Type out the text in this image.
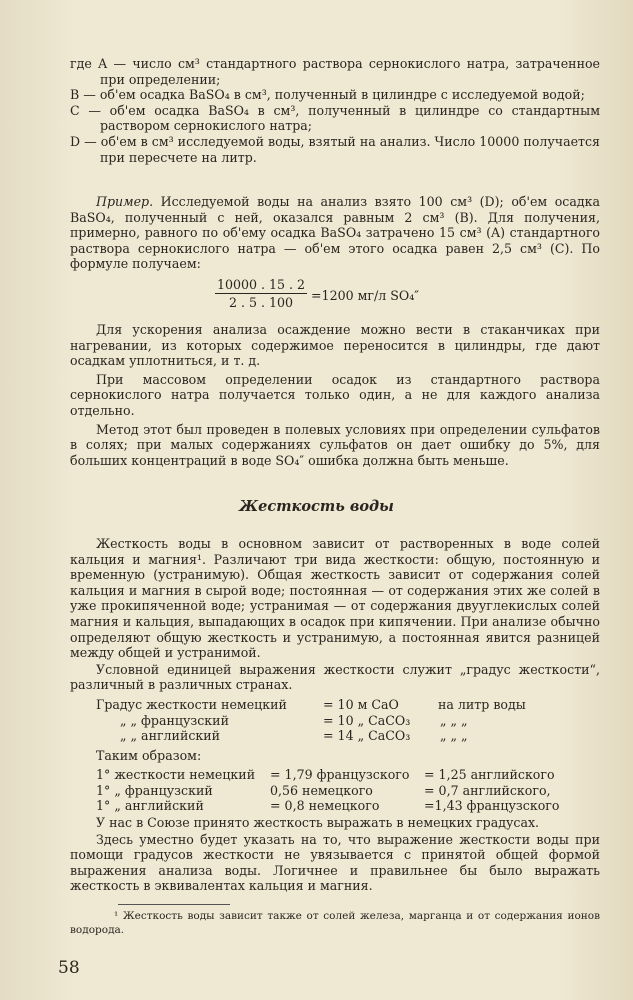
где A — число см³ стандартного раствора сернокислого натра, затраченное при определении;
B — об'ем осадка BaSO₄ в см³, полученный в цилиндре с исследуемой водой;
C — об'ем осадка BaSO₄ в см³, полученный в цилиндре со стандартным раствором сернокислого натра;
D — об'ем в см³ исследуемой воды, взятый на анализ. Число 10000 получается при пересчете на литр.

Пример. Исследуемой воды на анализ взято 100 см³ (D); об'ем осадка BaSO₄, полученный с ней, оказался равным 2 см³ (B). Для получения, примерно, равного по об'ему осадка BaSO₄ затрачено 15 см³ (A) стандартного раствора сернокислого натра — об'ем этого осадка равен 2,5 см³ (C). По формуле получаем:

$\frac{10000 . 15 . 2}{2 . 5 . 100} =1200$ мг/л SO₄″

Для ускорения анализа осаждение можно вести в стаканчиках при нагревании, из которых содержимое переносится в цилиндры, где дают осадкам уплотниться, и т. д.

При массовом определении осадок из стандартного раствора сернокислого натра получается только один, а не для каждого анализа отдельно.

Метод этот был проведен в полевых условиях при определении сульфатов в солях; при малых содержаниях сульфатов он дает ошибку до 5%, для больших концентраций в воде SO₄″ ошибка должна быть меньше.

Жесткость воды

Жесткость воды в основном зависит от растворенных в воде солей кальция и магния¹. Различают три вида жесткости: общую, постоянную и временную (устранимую). Общая жесткость зависит от содержания солей кальция и магния в сырой воде; постоянная — от содержания этих же солей в уже прокипяченной воде; устранимая — от содержания двууглекислых солей магния и кальция, выпадающих в осадок при кипячении. При анализе обычно определяют общую жесткость и устранимую, а постоянная явится разницей между общей и устранимой.

Условной единицей выражения жесткости служит „градус жесткости“, различный в различных странах.

Градус жесткости немецкий	= 10 м CaO	на литр воды
„ „ французский	= 10 „ CaCO₃ „ „ „
„ „ английский	= 14 „ CaCO₃ „ „ „

Таким образом:

1° жесткости немецкий = 1,79 французского = 1,25 английского
1° „ французский	0,56 немецкого	= 0,7 английского,
1° „ английский	= 0,8 немецкого	=1,43 французского

У нас в Союзе принято жесткость выражать в немецких градусах.

Здесь уместно будет указать на то, что выражение жесткости воды при помощи градусов жесткости не увязывается с принятой общей формой выражения анализа воды. Логичнее и правильнее бы было выражать жесткость в эквивалентах кальция и магния.

¹ Жесткость воды зависит также от солей железа, марганца и от содержания ионов водорода.
58
